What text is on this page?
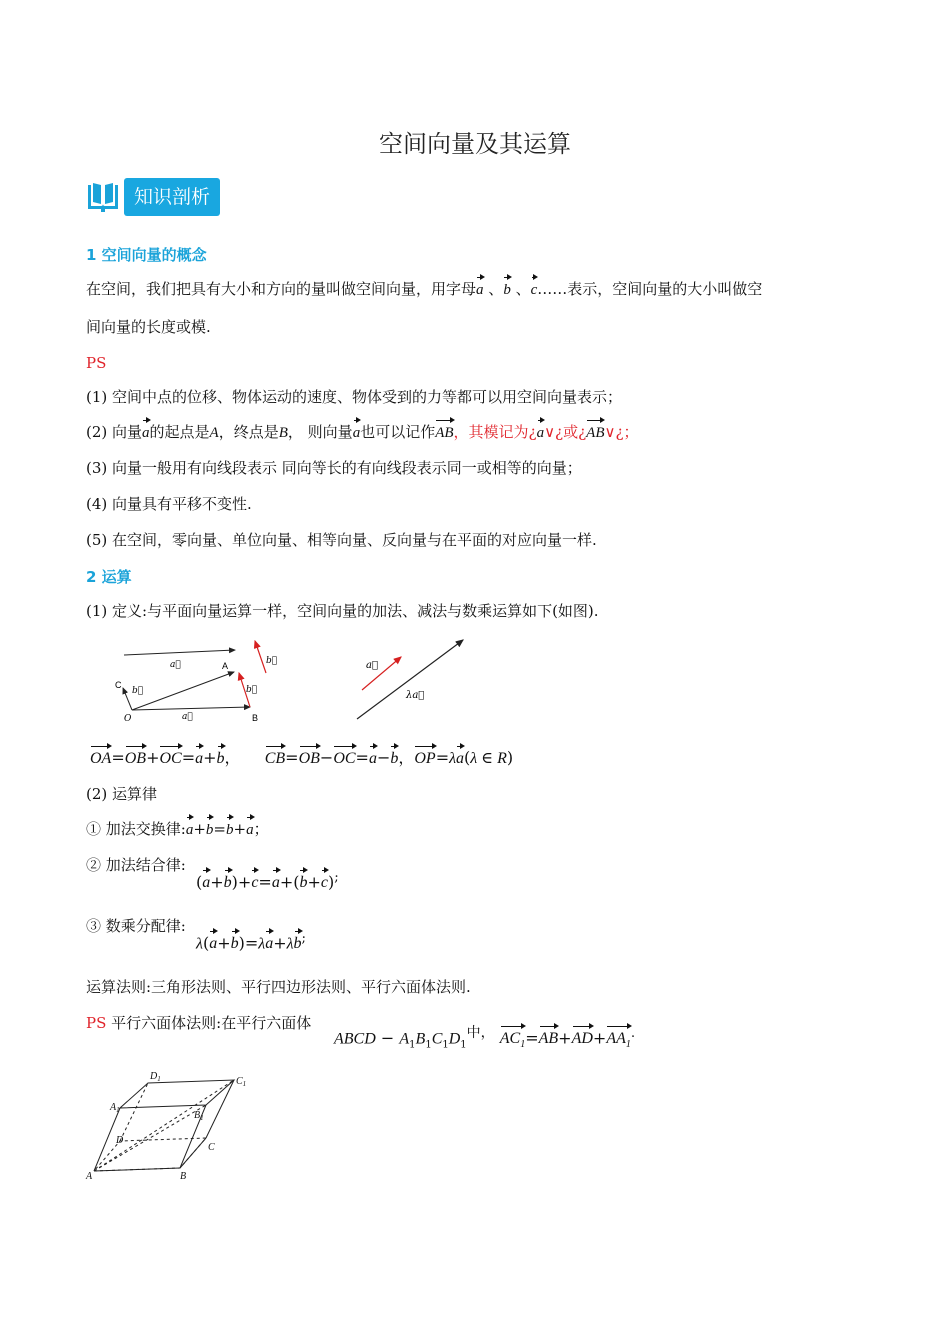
空间向量及其运算
知识剖析
1 空间向量的概念
在空间，我们把具有大小和方向的量叫做空间向量，用字母a 、b 、c……表示，空间向量的大小叫做空
间向量的长度或模.
PS
(1) 空间中点的位移、物体运动的速度、物体受到的力等都可以用空间向量表示；
(2) 向量a的起点是A，终点是B， 则向量a也可以记作AB，其模记为¿a∨¿或¿AB∨¿；
(3) 向量一般用有向线段表示 同向等长的有向线段表示同一或相等的向量；
(4) 向量具有平移不变性.
(5) 在空间，零向量、单位向量、相等向量、反向量与在平面的对应向量一样.
2 运算
(1) 定义:与平面向量运算一样，空间向量的加法、减法与数乘运算如下(如图).
a⃗	A	b⃗
C
b⃗	b⃗
a⃗
O	B
a⃗
λa⃗
OA=OB+OC=a+b， CB=OB−OC=a−b，OP=λa(λ ∈ R)
(2) 运算律
① 加法交换律:a+b=b+a；
② 加法结合律:
(a+b)+c=a+(b+c);
③ 数乘分配律:
λ(a+b)=λa+λb;
运算法则:三角形法则、平行四边形法则、平行六面体法则.
PS 平行六面体法则:在平行六面体
ABCD − $A_1B_1C_1D_1^{中,}$ $AC_1=AB+AD+AA_1^.$
A	B
C
D
$A_1$	$B_1$
$C_1$
$D_1$
